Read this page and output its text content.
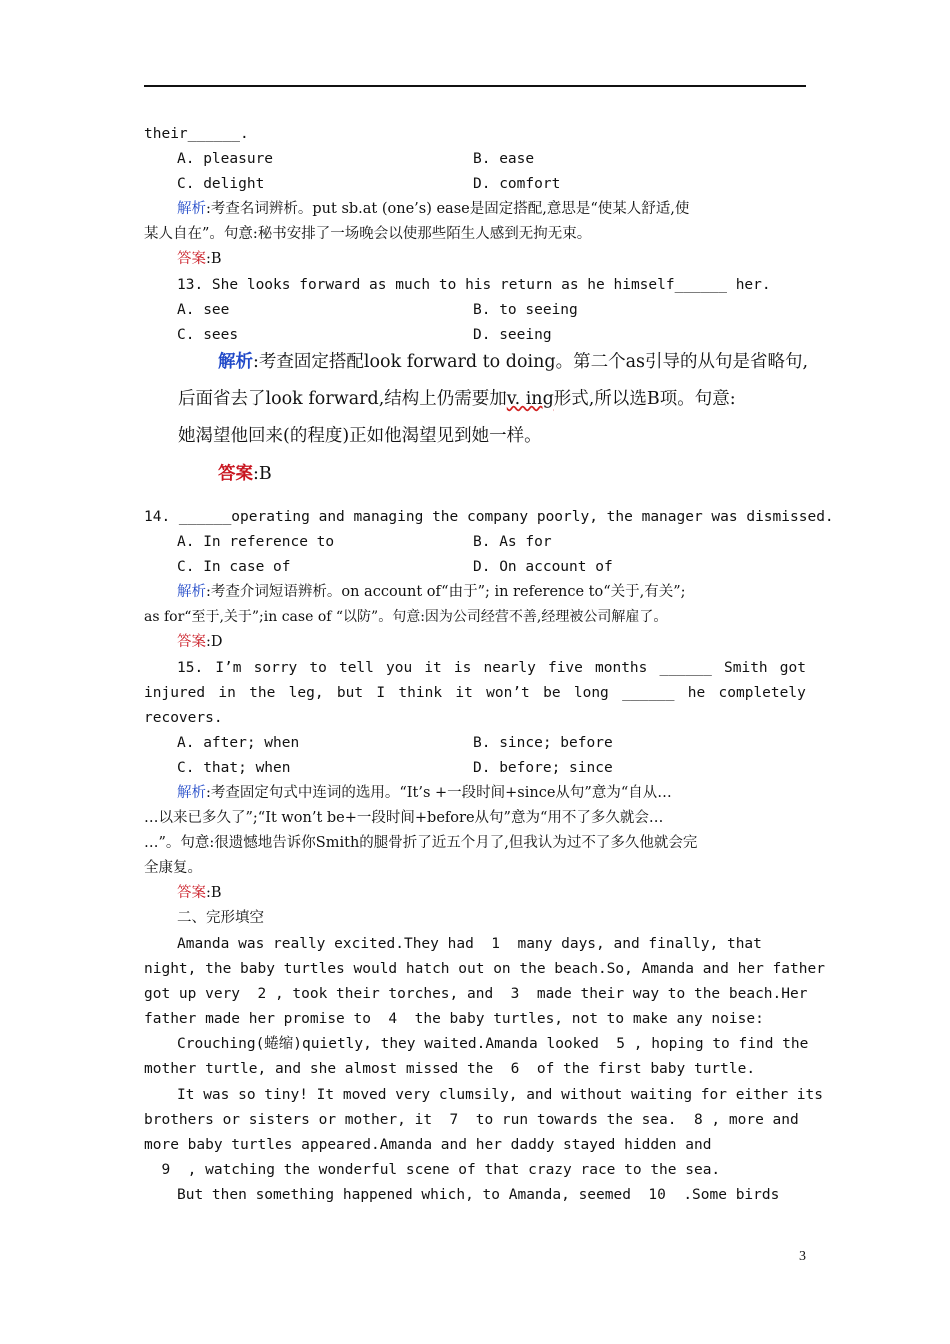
their______.
A. pleasure	B. ease
C. delight	D. comfort
解析:考查名词辨析。put sb.at (one’s) ease是固定搭配,意思是“使某人舒适,使
某人自在”。句意:秘书安排了一场晚会以使那些陌生人感到无拘无束。
答案:B
13. She looks forward as much to his return as he himself______ her.
A. see	B. to seeing
C. sees	D. seeing
解析:考查固定搭配look forward to doing。第二个as引导的从句是省略句,
后面省去了look forward,结构上仍需要加v. ing形式,所以选B项。句意:
她渴望他回来(的程度)正如他渴望见到她一样。
答案:B
14. ______operating and managing the company poorly, the manager was dismissed.
A. In reference to	B. As for
C. In case of	D. On account of
解析:考查介词短语辨析。on account of“由于”; in reference to“关于,有关”;
as for“至于,关于”;in case of “以防”。句意:因为公司经营不善,经理被公司解雇了。
答案:D
15. I’m sorry to tell you it is nearly five months ______ Smith got
injured in the leg, but I think it won’t be long ______ he completely
recovers.
A. after; when	B. since; before
C. that; when	D. before; since
解析:考查固定句式中连词的选用。“It’s +一段时间+since从句”意为“自从…
…以来已多久了”;“It won’t be+一段时间+before从句”意为“用不了多久就会…
…”。句意:很遗憾地告诉你Smith的腿骨折了近五个月了,但我认为过不了多久他就会完
全康复。
答案:B
二、完形填空
Amanda was really excited.They had  1  many days, and finally, that
night, the baby turtles would hatch out on the beach.So, Amanda and her father
got up very  2 , took their torches, and  3  made their way to the beach.Her
father made her promise to  4  the baby turtles, not to make any noise:
Crouching(蜷缩)quietly, they waited.Amanda looked  5 , hoping to find the
mother turtle, and she almost missed the  6  of the first baby turtle.
It was so tiny! It moved very clumsily, and without waiting for either its
brothers or sisters or mother, it  7  to run towards the sea.  8 , more and
more baby turtles appeared.Amanda and her daddy stayed hidden and
9  , watching the wonderful scene of that crazy race to the sea.
But then something happened which, to Amanda, seemed  10  .Some birds
3
